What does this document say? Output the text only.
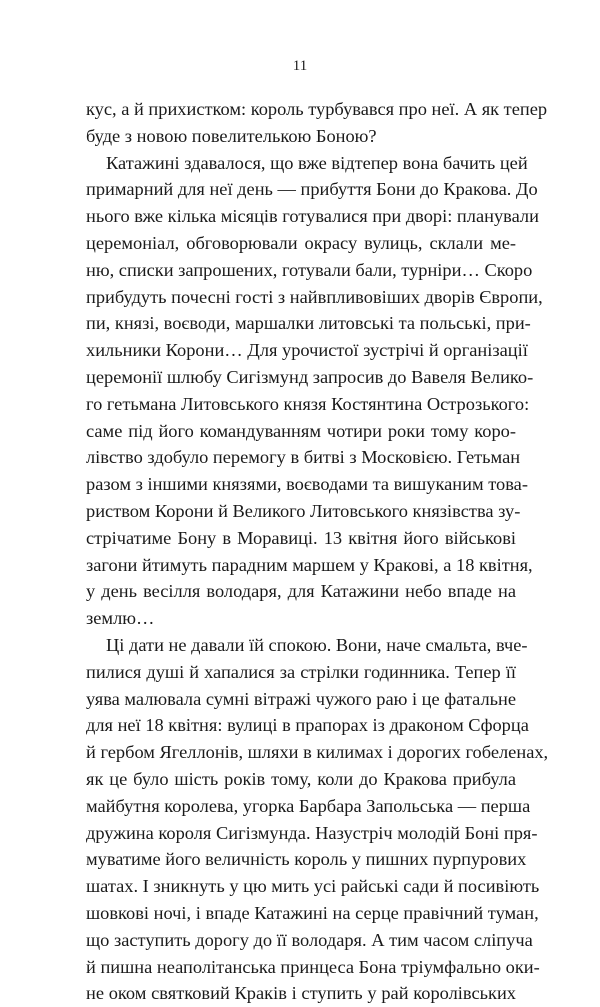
11
кус, а й прихистком: король турбувався про неї. А як тепер
буде з новою повелителькою Боною?
Катажині здавалося, що вже відтепер вона бачить цей
примарний для неї день — прибуття Бони до Кракова. До
нього вже кілька місяців готувалися при дворі: планували
церемоніал, обговорювали окрасу вулиць, склали ме-
ню, списки запрошених, готували бали, турніри… Скоро
прибудуть почесні гості з найвпливовіших дворів Європи,
пи, князі, воєводи, маршалки литовські та польські, при-
хильники Корони… Для урочистої зустрічі й організації
церемонії шлюбу Сигізмунд запросив до Вавеля Велико-
го гетьмана Литовського князя Костянтина Острозького:
саме під його командуванням чотири роки тому коро-
лівство здобуло перемогу в битві з Московією. Гетьман
разом з іншими князями, воєводами та вишуканим това-
риством Корони й Великого Литовського князівства зу-
стрічатиме Бону в Моравиці. 13 квітня його військові
загони йтимуть парадним маршем у Кракові, а 18 квітня,
у день весілля володаря, для Катажини небо впаде на
землю…
Ці дати не давали їй спокою. Вони, наче смальта, вче-
пилися душі й хапалися за стрілки годинника. Тепер її
уява малювала сумні вітражі чужого раю і це фатальне
для неї 18 квітня: вулиці в прапорах із драконом Сфорца
й гербом Ягеллонів, шляхи в килимах і дорогих гобеленах,
як це було шість років тому, коли до Кракова прибула
майбутня королева, угорка Барбара Запольська — перша
дружина короля Сигізмунда. Назустріч молодій Боні пря-
муватиме його величність король у пишних пурпурових
шатах. І зникнуть у цю мить усі райські сади й посивіють
шовкові ночі, і впаде Катажині на серце правічний туман,
що заступить дорогу до її володаря. А тим часом сліпуча
й пишна неаполітанська принцеса Бона тріумфально оки-
не оком святковий Краків і ступить у рай королівських
